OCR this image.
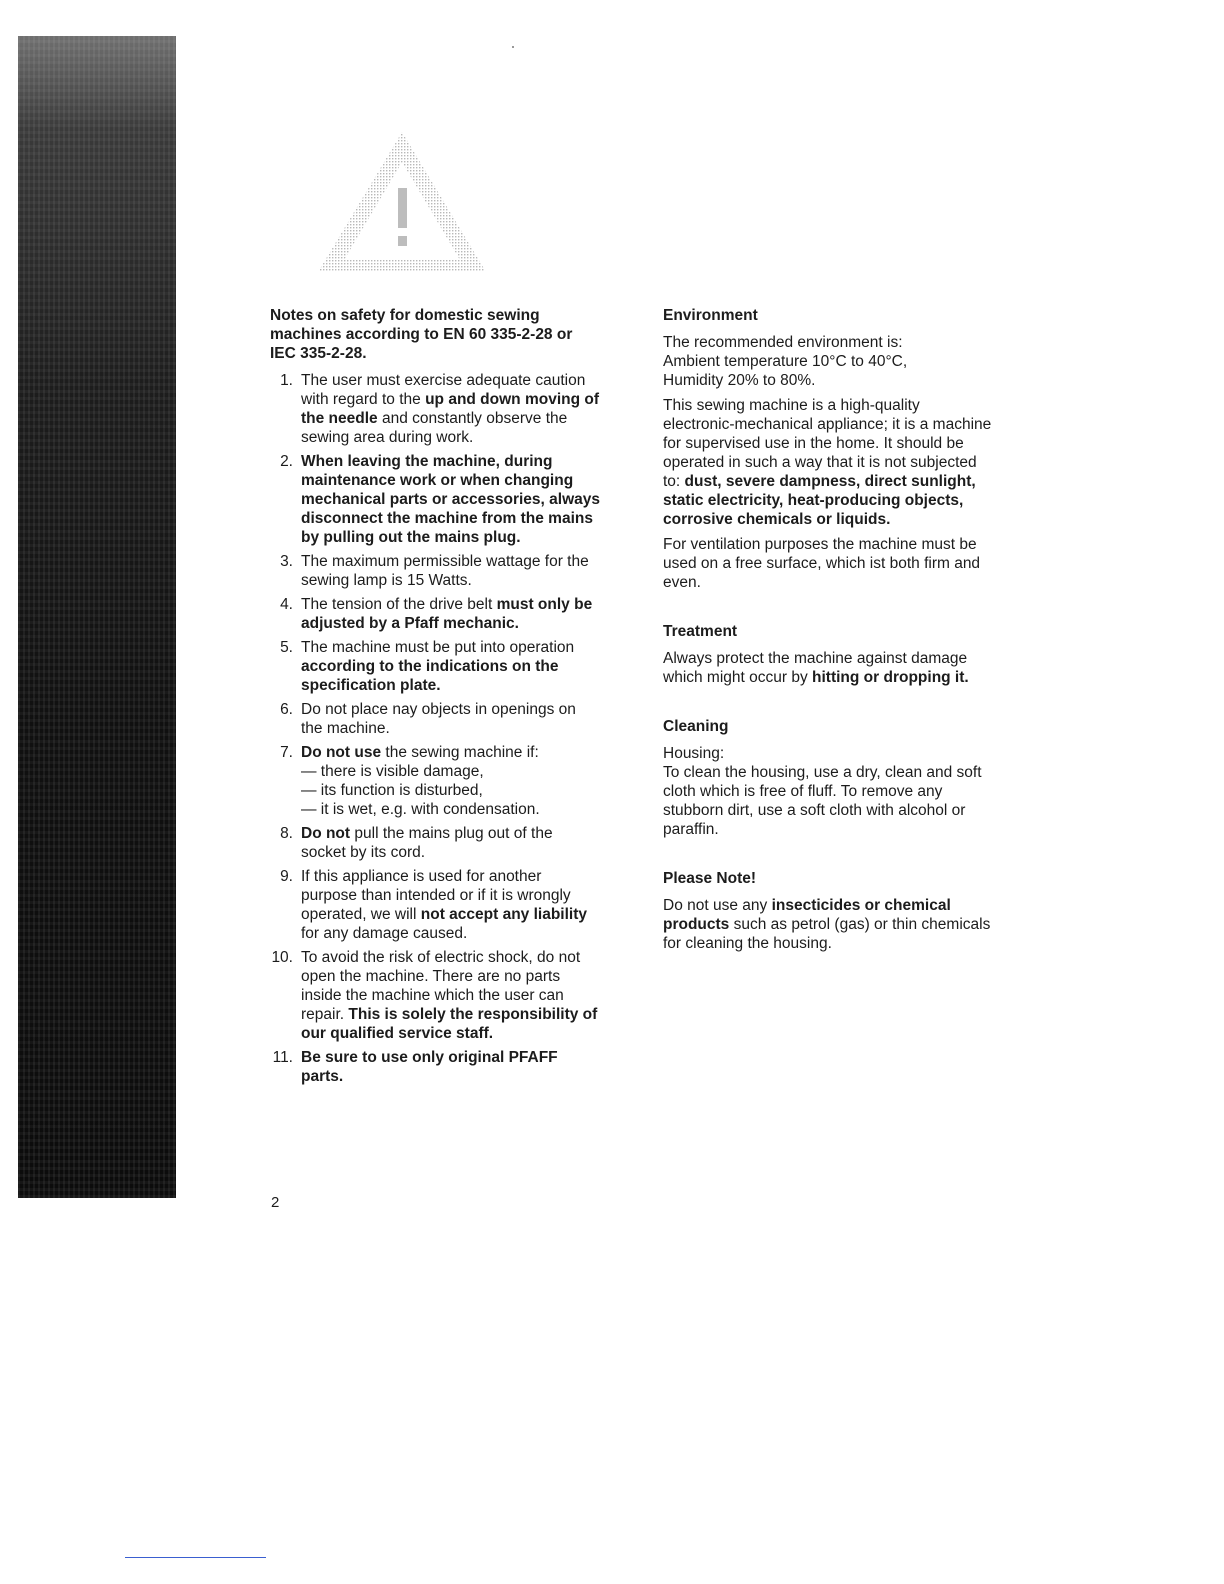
Notes on safety for domestic sewing machines according to EN 60 335-2-28 or IEC 335-2-28.
1. The user must exercise adequate caution with regard to the up and down moving of the needle and constantly observe the sewing area during work.
2. When leaving the machine, during maintenance work or when changing mechanical parts or accessories, always disconnect the machine from the mains by pulling out the mains plug.
3. The maximum permissible wattage for the sewing lamp is 15 Watts.
4. The tension of the drive belt must only be adjusted by a Pfaff mechanic.
5. The machine must be put into operation according to the indications on the specification plate.
6. Do not place nay objects in openings on the machine.
7. Do not use the sewing machine if:
— there is visible damage,
— its function is disturbed,
— it is wet, e.g. with condensation.
8. Do not pull the mains plug out of the socket by its cord.
9. If this appliance is used for another purpose than intended or if it is wrongly operated, we will not accept any liability for any damage caused.
10. To avoid the risk of electric shock, do not open the machine. There are no parts inside the machine which the user can repair. This is solely the responsibility of our qualified service staff.
11. Be sure to use only original PFAFF parts.
Environment
The recommended environment is:
Ambient temperature 10°C to 40°C,
Humidity 20% to 80%.
This sewing machine is a high-quality electronic-mechanical appliance; it is a machine for supervised use in the home. It should be operated in such a way that it is not subjected to: dust, severe dampness, direct sunlight, static electricity, heat-producing objects, corrosive chemicals or liquids.
For ventilation purposes the machine must be used on a free surface, which ist both firm and even.
Treatment
Always protect the machine against damage which might occur by hitting or dropping it.
Cleaning
Housing:
To clean the housing, use a dry, clean and soft cloth which is free of fluff. To remove any stubborn dirt, use a soft cloth with alcohol or paraffin.
Please Note!
Do not use any insecticides or chemical products such as petrol (gas) or thin chemicals for cleaning the housing.
2
